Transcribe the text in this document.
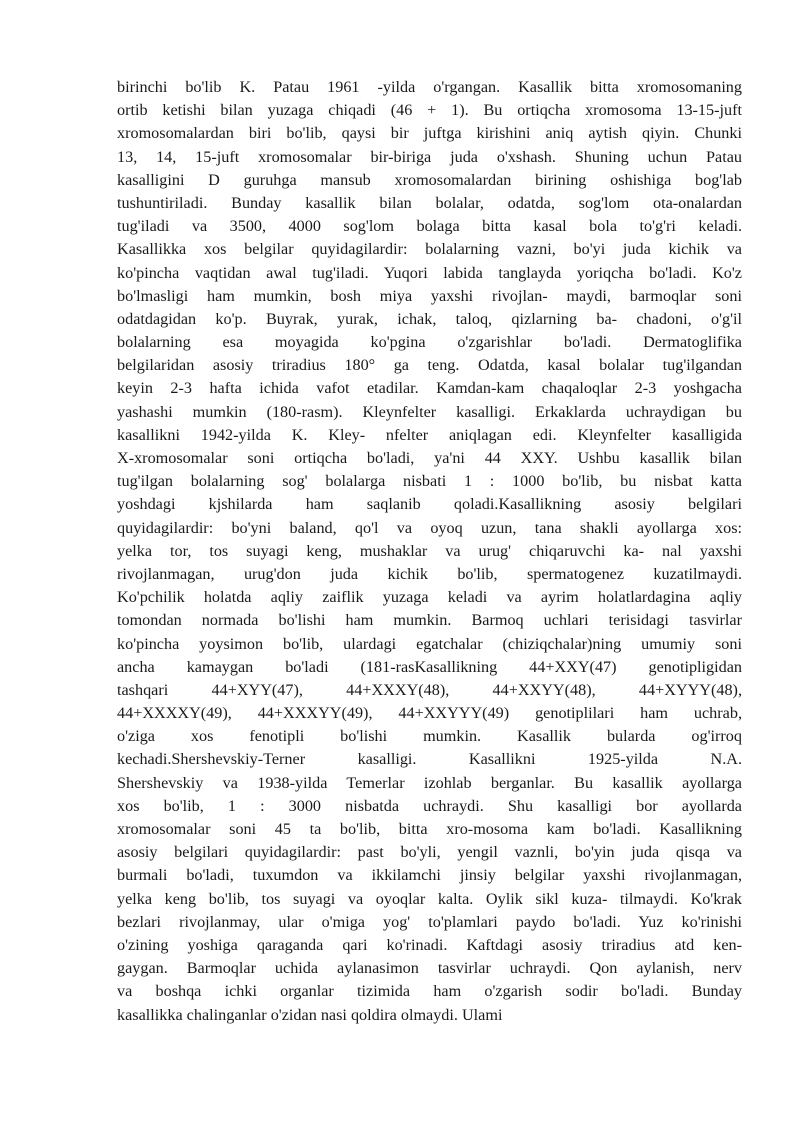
birinchi bo'lib K. Patau 1961 -yilda o'rgangan. Kasallik bitta xromosomaning
ortib ketishi bilan yuzaga chiqadi (46 + 1). Bu ortiqcha xromosoma 13-15-juft
xromosomalardan biri bo'lib, qaysi bir juftga kirishini aniq aytish qiyin. Chunki
13, 14, 15-juft xromosomalar bir-biriga juda o'xshash. Shuning uchun Patau
kasalligini D guruhga mansub xromosomalardan birining oshishiga bog'lab
tushuntiriladi. Bunday kasallik bilan bolalar, odatda, sog'lom ota-onalardan
tug'iladi va 3500, 4000 sog'lom bolaga bitta kasal bola to'g'ri keladi.
Kasallikka xos belgilar quyidagilardir: bolalarning vazni, bo'yi juda kichik va
ko'pincha vaqtidan awal tug'iladi. Yuqori labida tanglayda yoriqcha bo'ladi. Ko'z
bo'lmasligi ham mumkin, bosh miya yaxshi rivojlan- maydi, barmoqlar soni
odatdagidan ko'p. Buyrak, yurak, ichak, taloq, qizlarning ba- chadoni, o'g'il
bolalarning esa moyagida ko'pgina o'zgarishlar bo'ladi. Dermatoglifika
belgilaridan asosiy triradius 180° ga teng. Odatda, kasal bolalar tug'ilgandan
keyin 2-3 hafta ichida vafot etadilar. Kamdan-kam chaqaloqlar 2-3 yoshgacha
yashashi mumkin (180-rasm). Kleynfelter kasalligi. Erkaklarda uchraydigan bu
kasallikni 1942-yilda K. Kley- nfelter aniqlagan edi. Kleynfelter kasalligida
X-xromosomalar soni ortiqcha bo'ladi, ya'ni 44 XXY. Ushbu kasallik bilan
tug'ilgan bolalarning sog' bolalarga nisbati 1 : 1000 bo'lib, bu nisbat katta
yoshdagi kjshilarda ham saqlanib qoladi.Kasallikning asosiy belgilari
quyidagilardir: bo'yni baland, qo'l va oyoq uzun, tana shakli ayollarga xos:
yelka tor, tos suyagi keng, mushaklar va urug' chiqaruvchi ka- nal yaxshi
rivojlanmagan, urug'don juda kichik bo'lib, spermatogenez kuzatilmaydi.
Ko'pchilik holatda aqliy zaiflik yuzaga keladi va ayrim holatlardagina aqliy
tomondan normada bo'lishi ham mumkin. Barmoq uchlari terisidagi tasvirlar
ko'pincha yoysimon bo'lib, ulardagi egatchalar (chiziqchalar)ning umumiy soni
ancha kamaygan bo'ladi (181-rasKasallikning 44+XXY(47) genotipligidan
tashqari 44+XYY(47), 44+XXXY(48), 44+XXYY(48), 44+XYYY(48),
44+XXXXY(49), 44+XXXYY(49), 44+XXYYY(49) genotiplilari ham uchrab,
o'ziga xos fenotipli bo'lishi mumkin. Kasallik bularda og'irroq
kechadi.Shershevskiy-Terner kasalligi. Kasallikni 1925-yilda N.A.
Shershevskiy va 1938-yilda Temerlar izohlab berganlar. Bu kasallik ayollarga
xos bo'lib, 1 : 3000 nisbatda uchraydi. Shu kasalligi bor ayollarda
xromosomalar soni 45 ta bo'lib, bitta xro-mosoma kam bo'ladi. Kasallikning
asosiy belgilari quyidagilardir: past bo'yli, yengil vaznli, bo'yin juda qisqa va
burmali bo'ladi, tuxumdon va ikkilamchi jinsiy belgilar yaxshi rivojlanmagan,
yelka keng bo'lib, tos suyagi va oyoqlar kalta. Oylik sikl kuza- tilmaydi. Ko'krak
bezlari rivojlanmay, ular o'miga yog' to'plamlari paydo bo'ladi. Yuz ko'rinishi
o'zining yoshiga qaraganda qari ko'rinadi. Kaftdagi asosiy triradius atd ken-
gaygan. Barmoqlar uchida aylanasimon tasvirlar uchraydi. Qon aylanish, nerv
va boshqa ichki organlar tizimida ham o'zgarish sodir bo'ladi. Bunday
kasallikka chalinganlar o'zidan nasi qoldira olmaydi. Ulami
